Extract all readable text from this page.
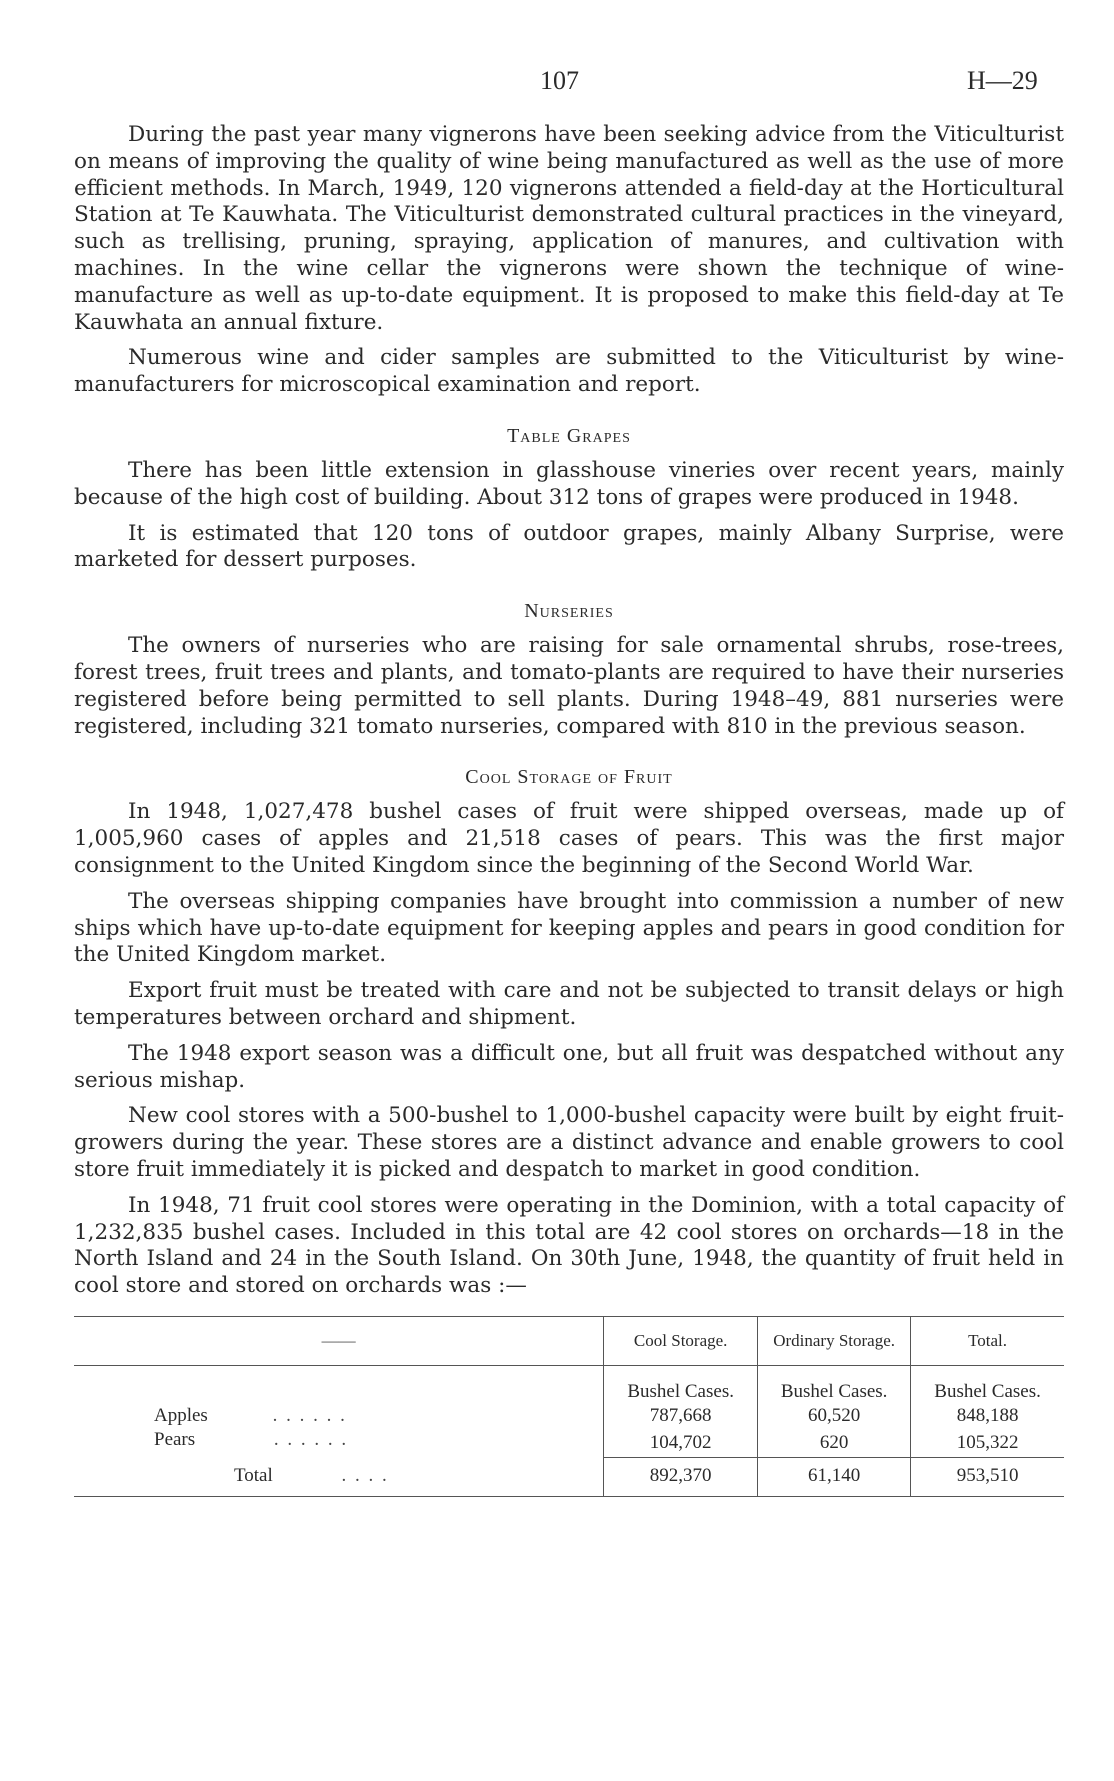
107	H—29

During the past year many vignerons have been seeking advice from the Viticulturist on means of improving the quality of wine being manufactured as well as the use of more efficient methods. In March, 1949, 120 vignerons attended a field-day at the Horticultural Station at Te Kauwhata. The Viticulturist demonstrated cultural practices in the vineyard, such as trellising, pruning, spraying, application of manures, and cultivation with machines. In the wine cellar the vignerons were shown the technique of wine-manufacture as well as up-to-date equipment. It is proposed to make this field-day at Te Kauwhata an annual fixture.

Numerous wine and cider samples are submitted to the Viticulturist by wine-manufacturers for microscopical examination and report.

Table Grapes

There has been little extension in glasshouse vineries over recent years, mainly because of the high cost of building. About 312 tons of grapes were produced in 1948.

It is estimated that 120 tons of outdoor grapes, mainly Albany Surprise, were marketed for dessert purposes.

Nurseries

The owners of nurseries who are raising for sale ornamental shrubs, rose-trees, forest trees, fruit trees and plants, and tomato-plants are required to have their nurseries registered before being permitted to sell plants. During 1948–49, 881 nurseries were registered, including 321 tomato nurseries, compared with 810 in the previous season.

Cool Storage of Fruit

In 1948, 1,027,478 bushel cases of fruit were shipped overseas, made up of 1,005,960 cases of apples and 21,518 cases of pears. This was the first major consignment to the United Kingdom since the beginning of the Second World War.

The overseas shipping companies have brought into commission a number of new ships which have up-to-date equipment for keeping apples and pears in good condition for the United Kingdom market.

Export fruit must be treated with care and not be subjected to transit delays or high temperatures between orchard and shipment.

The 1948 export season was a difficult one, but all fruit was despatched without any serious mishap.

New cool stores with a 500-bushel to 1,000-bushel capacity were built by eight fruit-growers during the year. These stores are a distinct advance and enable growers to cool store fruit immediately it is picked and despatch to market in good condition.

In 1948, 71 fruit cool stores were operating in the Dominion, with a total capacity of 1,232,835 bushel cases. Included in this total are 42 cool stores on orchards—18 in the North Island and 24 in the South Island. On 30th June, 1948, the quantity of fruit held in cool store and stored on orchards was :—

——	Cool Storage.	Ordinary Storage.	Total.
	Bushel Cases.	Bushel Cases.	Bushel Cases.
Apples . . . . . .	787,668	60,520	848,188
Pears . . . . . .	104,702	620	105,322
Total . . . .	892,370	61,140	953,510
